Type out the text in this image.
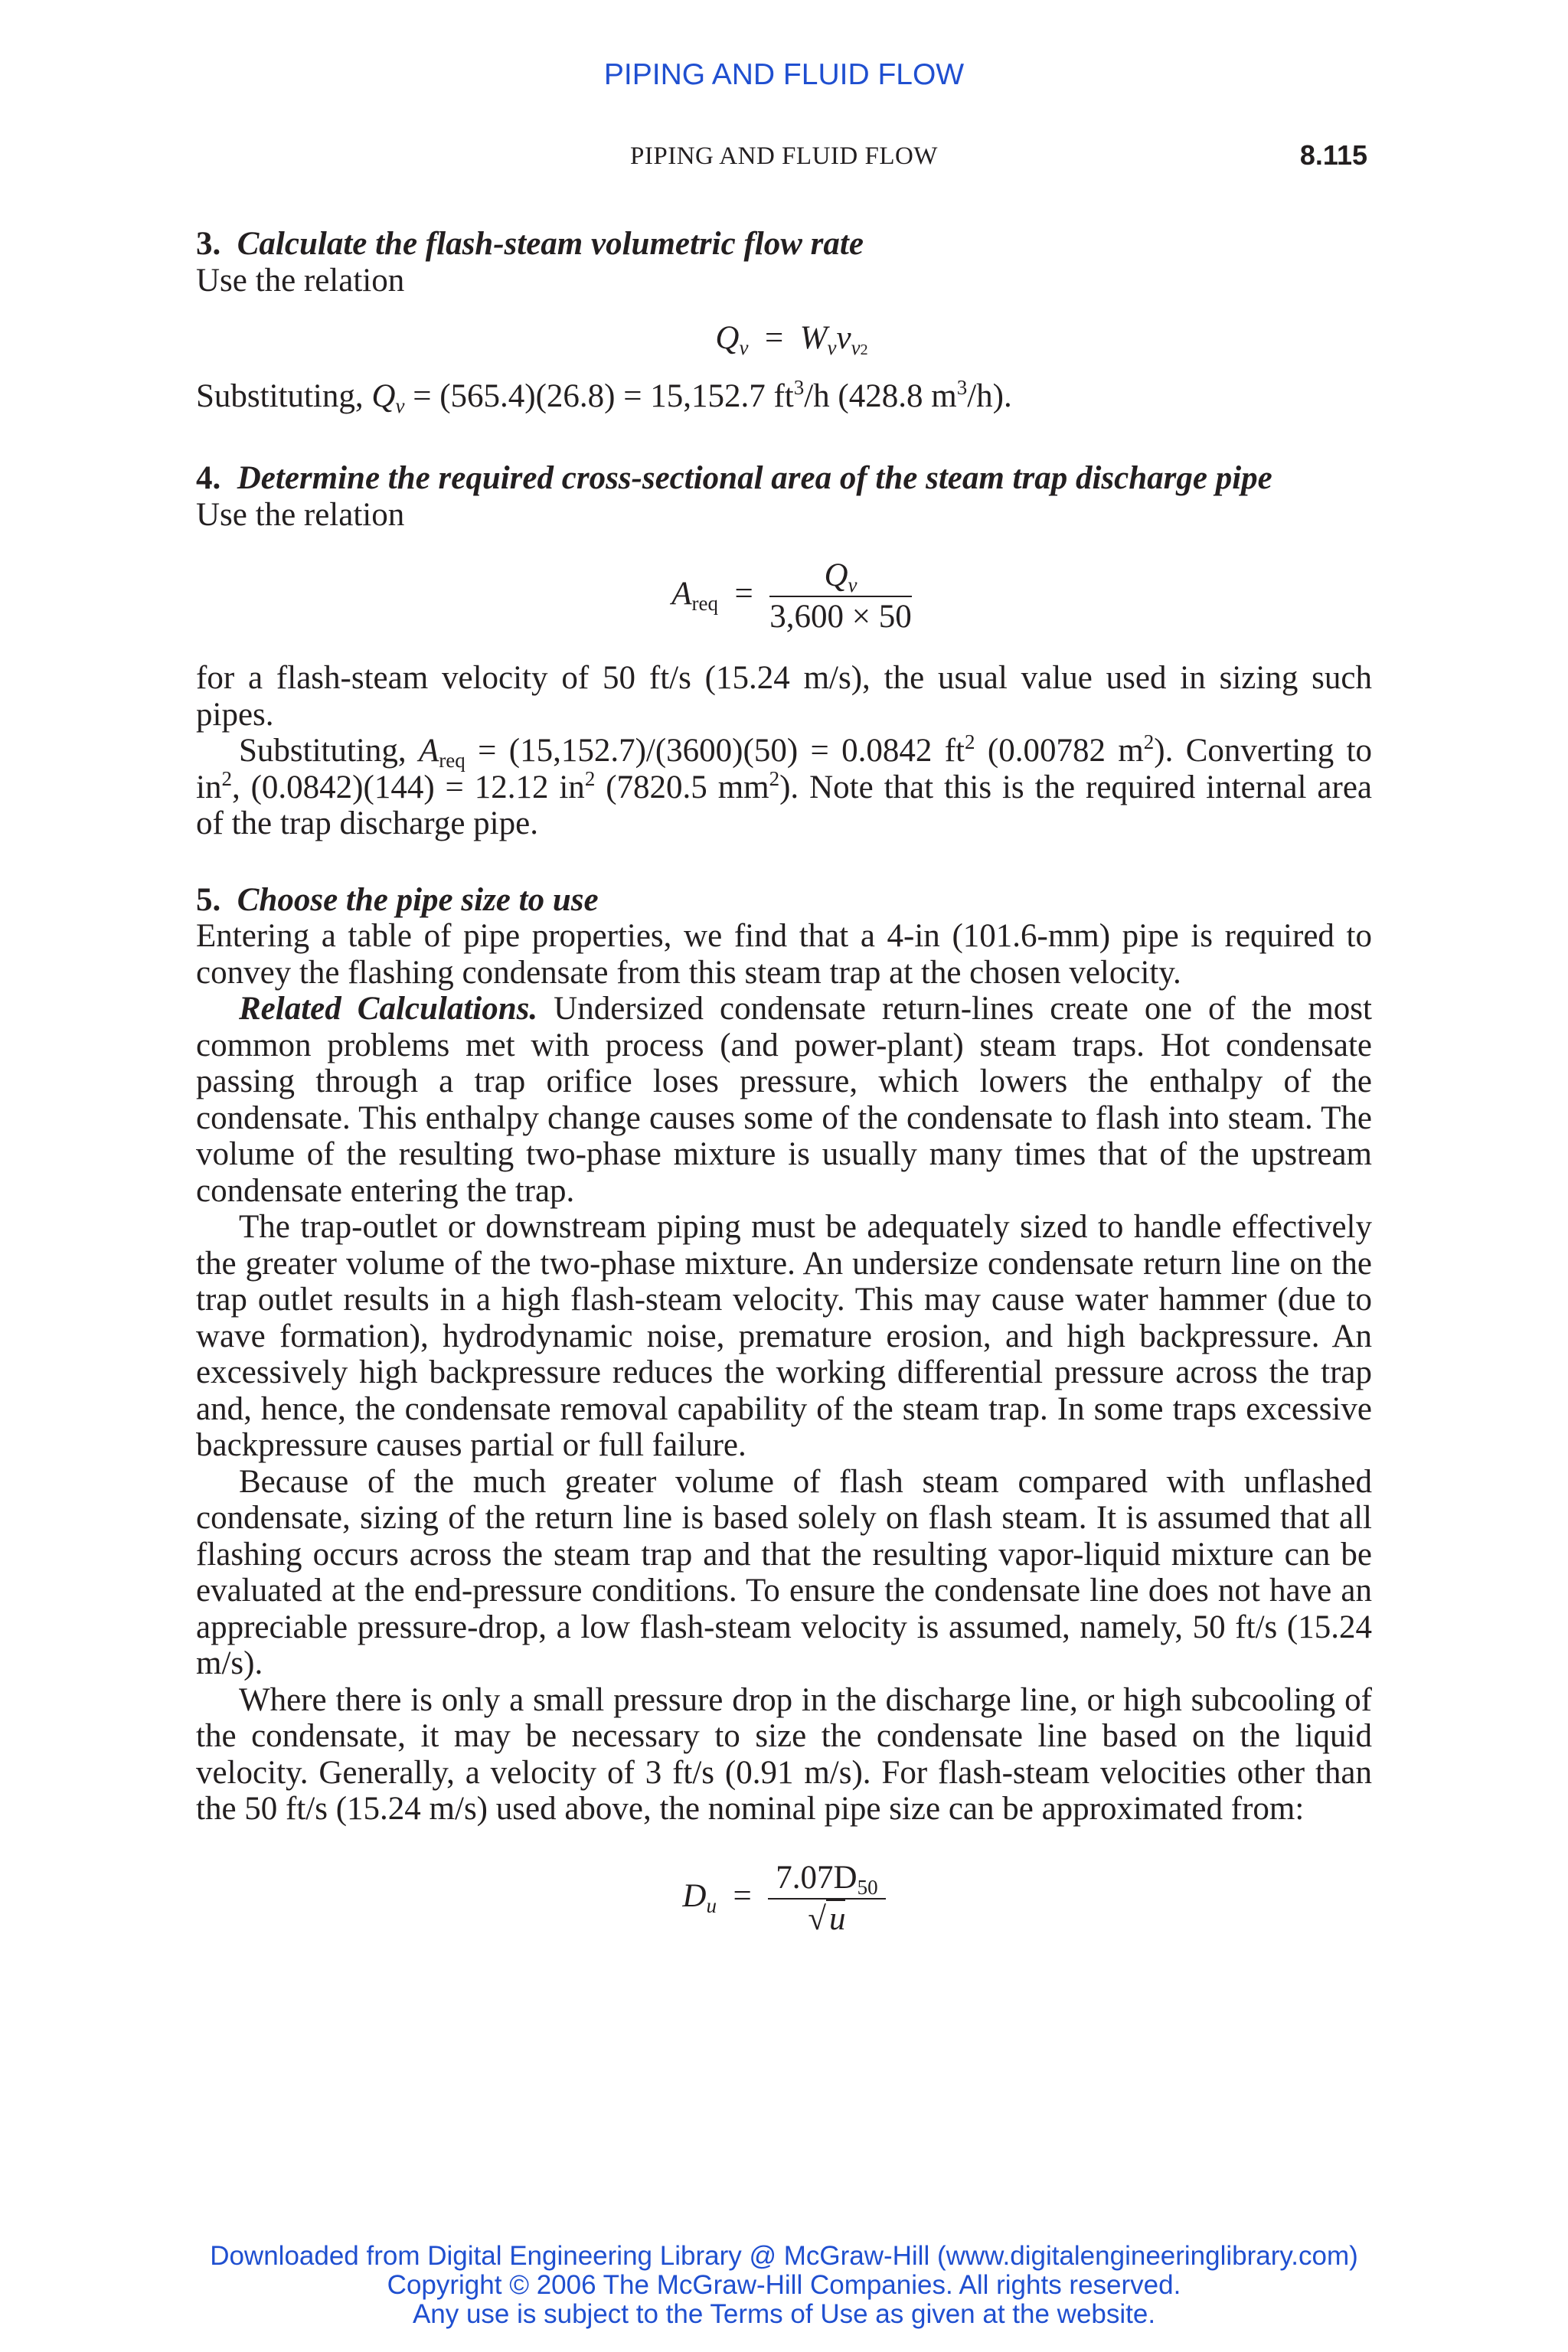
PIPING AND FLUID FLOW
PIPING AND FLUID FLOW	8.115

3. Calculate the flash-steam volumetric flow rate

Use the relation

$Q_v = W_vv_{v2}$

Substituting, $Q_v = (565.4)(26.8) = 15,152.7$ $ft^3/h$ (428.8 $m^3/h$).

4. Determine the required cross-sectional area of the steam trap discharge pipe

Use the relation

$A_{req} = \frac{Q_v}{3,600 \times 50}$

for a flash-steam velocity of 50 ft/s (15.24 m/s), the usual value used in sizing such pipes.

Substituting, $A_{req} = (15,152.7)/(3600)(50) = 0.0842$ $ft^2$ (0.00782 $m^2$). Converting to $in^2$, (0.0842)(144) = 12.12 $in^2$ (7820.5 $mm^2$). Note that this is the required internal area of the trap discharge pipe.

5. Choose the pipe size to use

Entering a table of pipe properties, we find that a 4-in (101.6-mm) pipe is required to convey the flashing condensate from this steam trap at the chosen velocity.

Related Calculations. Undersized condensate return-lines create one of the most common problems met with process (and power-plant) steam traps. Hot condensate passing through a trap orifice loses pressure, which lowers the enthalpy of the condensate. This enthalpy change causes some of the condensate to flash into steam. The volume of the resulting two-phase mixture is usually many times that of the upstream condensate entering the trap.

The trap-outlet or downstream piping must be adequately sized to handle effectively the greater volume of the two-phase mixture. An undersize condensate return line on the trap outlet results in a high flash-steam velocity. This may cause water hammer (due to wave formation), hydrodynamic noise, premature erosion, and high backpressure. An excessively high backpressure reduces the working differential pressure across the trap and, hence, the condensate removal capability of the steam trap. In some traps excessive backpressure causes partial or full failure.

Because of the much greater volume of flash steam compared with unflashed condensate, sizing of the return line is based solely on flash steam. It is assumed that all flashing occurs across the steam trap and that the resulting vapor-liquid mixture can be evaluated at the end-pressure conditions. To ensure the condensate line does not have an appreciable pressure-drop, a low flash-steam velocity is assumed, namely, 50 ft/s (15.24 m/s).

Where there is only a small pressure drop in the discharge line, or high subcooling of the condensate, it may be necessary to size the condensate line based on the liquid velocity. Generally, a velocity of 3 ft/s (0.91 m/s). For flash-steam velocities other than the 50 ft/s (15.24 m/s) used above, the nominal pipe size can be approximated from:

$D_u = \frac{7.07D_{50}}{√u}$

Downloaded from Digital Engineering Library @ McGraw-Hill (www.digitalengineeringlibrary.com)
Copyright © 2006 The McGraw-Hill Companies. All rights reserved.
Any use is subject to the Terms of Use as given at the website.
